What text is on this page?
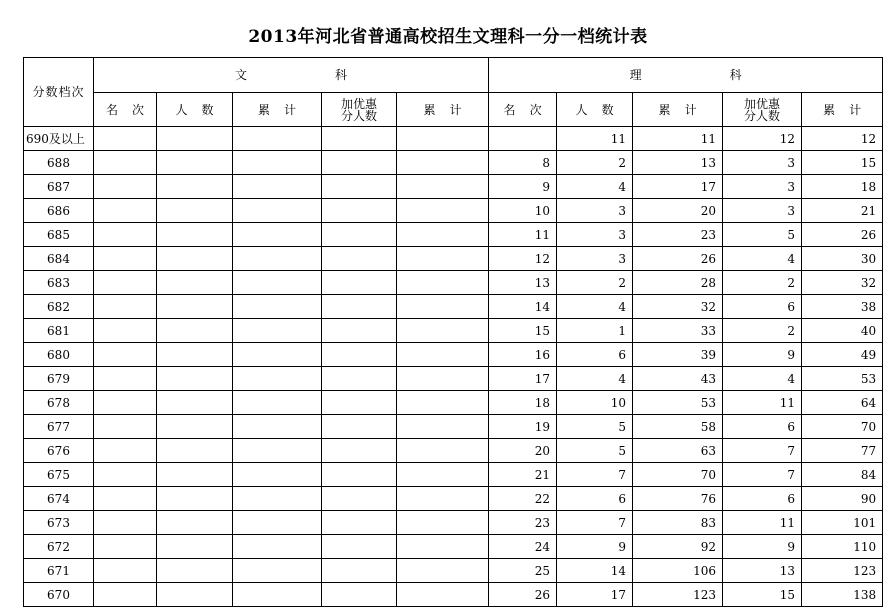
2013年河北省普通高校招生文理科一分一档统计表
分数档次	文 科					理 科				
	名 次	人 数	累 计	加优惠
分人数	累 计	名 次	人 数	累 计	加优惠
分人数	累 计
690及以上							11	11	12	12
688						8	2	13	3	15
687						9	4	17	3	18
686						10	3	20	3	21
685						11	3	23	5	26
684						12	3	26	4	30
683						13	2	28	2	32
682						14	4	32	6	38
681						15	1	33	2	40
680						16	6	39	9	49
679						17	4	43	4	53
678						18	10	53	11	64
677						19	5	58	6	70
676						20	5	63	7	77
675						21	7	70	7	84
674						22	6	76	6	90
673						23	7	83	11	101
672						24	9	92	9	110
671						25	14	106	13	123
670						26	17	123	15	138
